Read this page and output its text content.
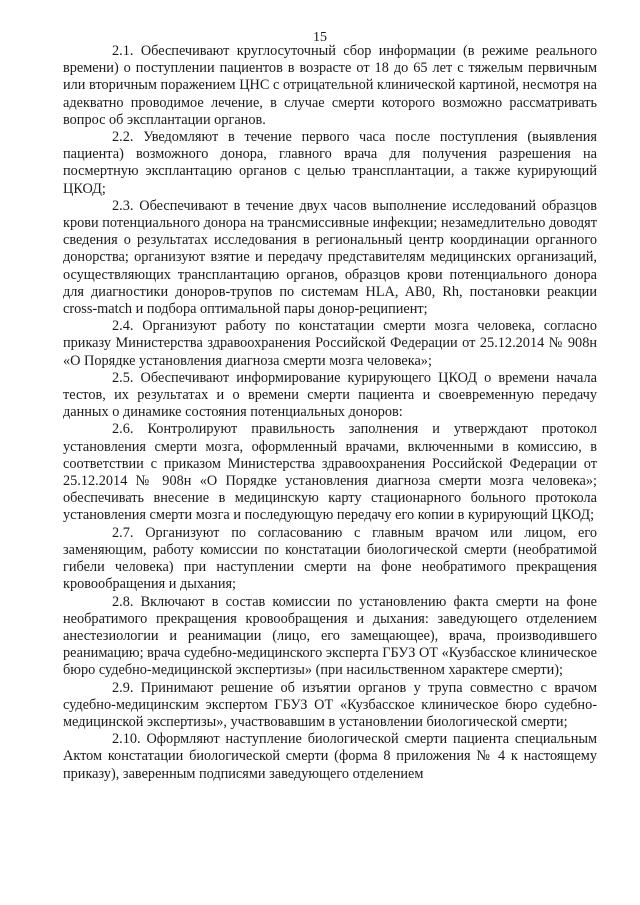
15

2.1. Обеспечивают круглосуточный сбор информации (в режиме реального времени) о поступлении пациентов в возрасте от 18 до 65 лет с тяжелым первичным или вторичным поражением ЦНС с отрицательной клинической картиной, несмотря на адекватно проводимое лечение, в случае смерти которого возможно рассматривать вопрос об эксплантации органов.

2.2. Уведомляют в течение первого часа после поступления (выявления пациента) возможного донора, главного врача для получения разрешения на посмертную эксплантацию органов с целью трансплантации, а также курирующий ЦКОД;

2.3. Обеспечивают в течение двух часов выполнение исследований образцов крови потенциального донора на трансмиссивные инфекции; незамедлительно доводят сведения о результатах исследования в региональный центр координации органного донорства; организуют взятие и передачу представителям медицинских организаций, осуществляющих трансплантацию органов, образцов крови потенциального донора для диагностики доноров-трупов по системам HLA, AB0, Rh, постановки реакции cross-match и подбора оптимальной пары донор-реципиент;

2.4. Организуют работу по констатации смерти мозга человека, согласно приказу Министерства здравоохранения Российской Федерации от 25.12.2014 № 908н «О Порядке установления диагноза смерти мозга человека»;

2.5. Обеспечивают информирование курирующего ЦКОД о времени начала тестов, их результатах и о времени смерти пациента и своевременную передачу данных о динамике состояния потенциальных доноров:

2.6. Контролируют правильность заполнения и утверждают протокол установления смерти мозга, оформленный врачами, включенными в комиссию, в соответствии с приказом Министерства здравоохранения Российской Федерации от 25.12.2014 № 908н «О Порядке установления диагноза смерти мозга человека»; обеспечивать внесение в медицинскую карту стационарного больного протокола установления смерти мозга и последующую передачу его копии в курирующий ЦКОД;

2.7. Организуют по согласованию с главным врачом или лицом, его заменяющим, работу комиссии по констатации биологической смерти (необратимой гибели человека) при наступлении смерти на фоне необратимого прекращения кровообращения и дыхания;

2.8. Включают в состав комиссии по установлению факта смерти на фоне необратимого прекращения кровообращения и дыхания: заведующего отделением анестезиологии и реанимации (лицо, его замещающее), врача, производившего реанимацию; врача судебно-медицинского эксперта ГБУЗ ОТ «Кузбасское клиническое бюро судебно-медицинской экспертизы» (при насильственном характере смерти);

2.9. Принимают решение об изъятии органов у трупа совместно с врачом судебно-медицинским экспертом ГБУЗ ОТ «Кузбасское клиническое бюро судебно-медицинской экспертизы», участвовавшим в установлении биологической смерти;

2.10. Оформляют наступление биологической смерти пациента специальным Актом констатации биологической смерти (форма 8 приложения № 4 к настоящему приказу), заверенным подписями заведующего отделением
